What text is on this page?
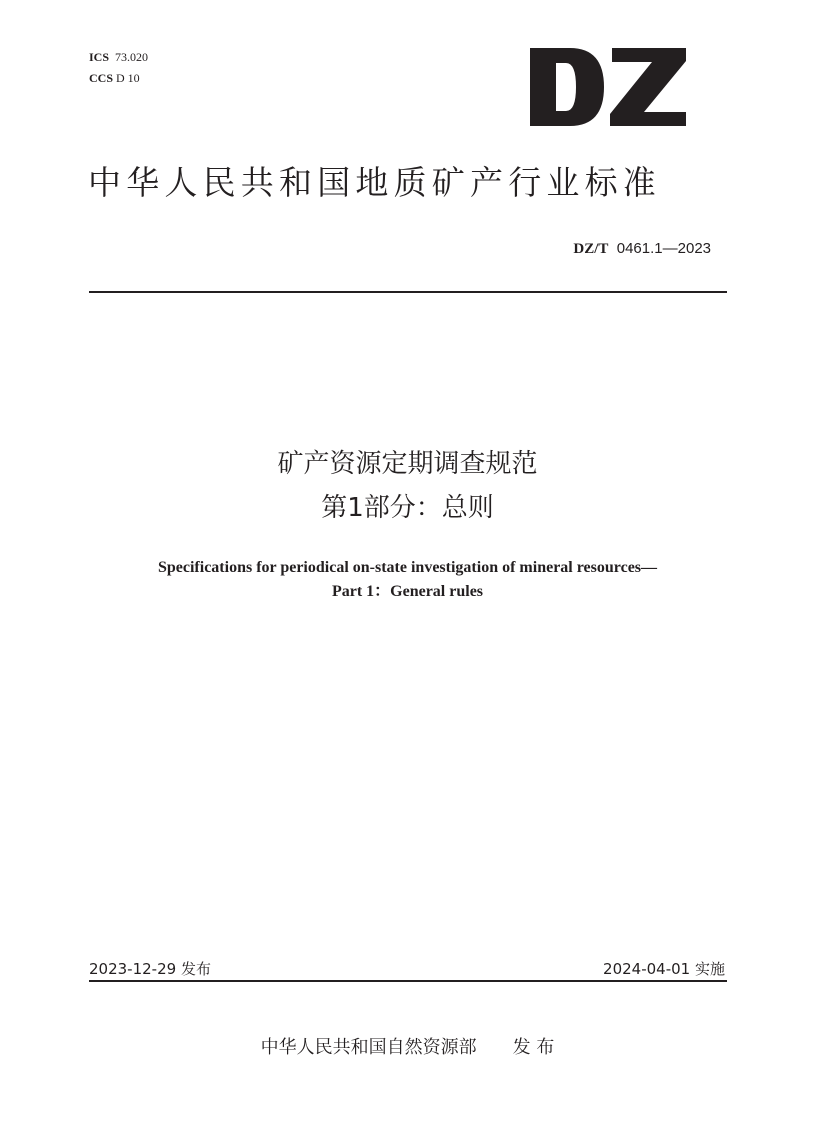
ICS 73.020
CCS D 10
中华人民共和国地质矿产行业标准
DZ/T 0461.1—2023
矿产资源定期调查规范
第1部分：总则
Specifications for periodical on-state investigation of mineral resources—
Part 1：General rules
2023-12-29 发布	2024-04-01 实施
中华人民共和国自然资源部 发 布
